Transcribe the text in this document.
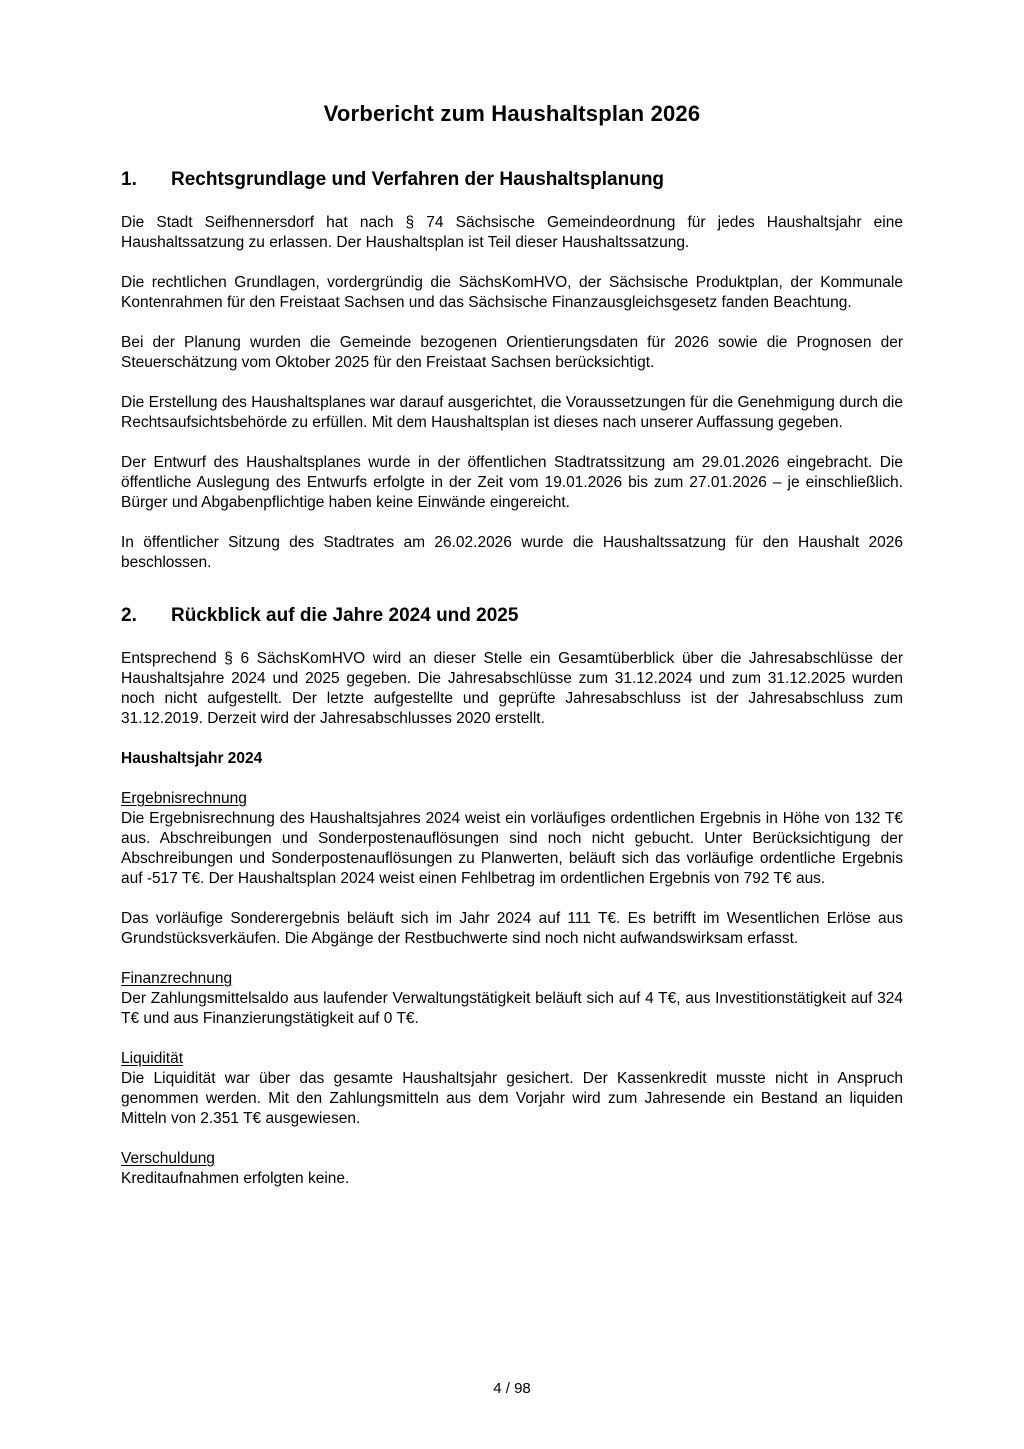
Vorbericht zum Haushaltsplan 2026
1.	Rechtsgrundlage und Verfahren der Haushaltsplanung

Die Stadt Seifhennersdorf hat nach § 74 Sächsische Gemeindeordnung für jedes Haushaltsjahr eine Haushaltssatzung zu erlassen. Der Haushaltsplan ist Teil dieser Haushaltssatzung.

Die rechtlichen Grundlagen, vordergründig die SächsKomHVO, der Sächsische Produktplan, der Kommunale Kontenrahmen für den Freistaat Sachsen und das Sächsische Finanzausgleichsgesetz fanden Beachtung.

Bei der Planung wurden die Gemeinde bezogenen Orientierungsdaten für 2026 sowie die Prognosen der Steuerschätzung vom Oktober 2025 für den Freistaat Sachsen berücksichtigt.

Die Erstellung des Haushaltsplanes war darauf ausgerichtet, die Voraussetzungen für die Genehmigung durch die Rechtsaufsichtsbehörde zu erfüllen. Mit dem Haushaltsplan ist dieses nach unserer Auffassung gegeben.

Der Entwurf des Haushaltsplanes wurde in der öffentlichen Stadtratssitzung am 29.01.2026 eingebracht. Die öffentliche Auslegung des Entwurfs erfolgte in der Zeit vom 19.01.2026 bis zum 27.01.2026 – je einschließlich. Bürger und Abgabenpflichtige haben keine Einwände eingereicht.

In öffentlicher Sitzung des Stadtrates am 26.02.2026 wurde die Haushaltssatzung für den Haushalt 2026 beschlossen.

2.	Rückblick auf die Jahre 2024 und 2025

Entsprechend § 6 SächsKomHVO wird an dieser Stelle ein Gesamtüberblick über die Jahresabschlüsse der Haushaltsjahre 2024 und 2025 gegeben. Die Jahresabschlüsse zum 31.12.2024 und zum 31.12.2025 wurden noch nicht aufgestellt. Der letzte aufgestellte und geprüfte Jahresabschluss ist der Jahresabschluss zum 31.12.2019. Derzeit wird der Jahresabschlusses 2020 erstellt.

Haushaltsjahr 2024
Ergebnisrechnung

Die Ergebnisrechnung des Haushaltsjahres 2024 weist ein vorläufiges ordentlichen Ergebnis in Höhe von 132 T€ aus. Abschreibungen und Sonderpostenauflösungen sind noch nicht gebucht. Unter Berücksichtigung der Abschreibungen und Sonderpostenauflösungen zu Planwerten, beläuft sich das vorläufige ordentliche Ergebnis auf -517 T€. Der Haushaltsplan 2024 weist einen Fehlbetrag im ordentlichen Ergebnis von 792 T€ aus.

Das vorläufige Sonderergebnis beläuft sich im Jahr 2024 auf 111 T€. Es betrifft im Wesentlichen Erlöse aus Grundstücksverkäufen. Die Abgänge der Restbuchwerte sind noch nicht aufwandswirksam erfasst.

Finanzrechnung

Der Zahlungsmittelsaldo aus laufender Verwaltungstätigkeit beläuft sich auf 4 T€, aus Investitionstätigkeit auf 324 T€ und aus Finanzierungstätigkeit auf 0 T€.

Liquidität

Die Liquidität war über das gesamte Haushaltsjahr gesichert. Der Kassenkredit musste nicht in Anspruch genommen werden. Mit den Zahlungsmitteln aus dem Vorjahr wird zum Jahresende ein Bestand an liquiden Mitteln von 2.351 T€ ausgewiesen.

Verschuldung

Kreditaufnahmen erfolgten keine.

4 / 98
